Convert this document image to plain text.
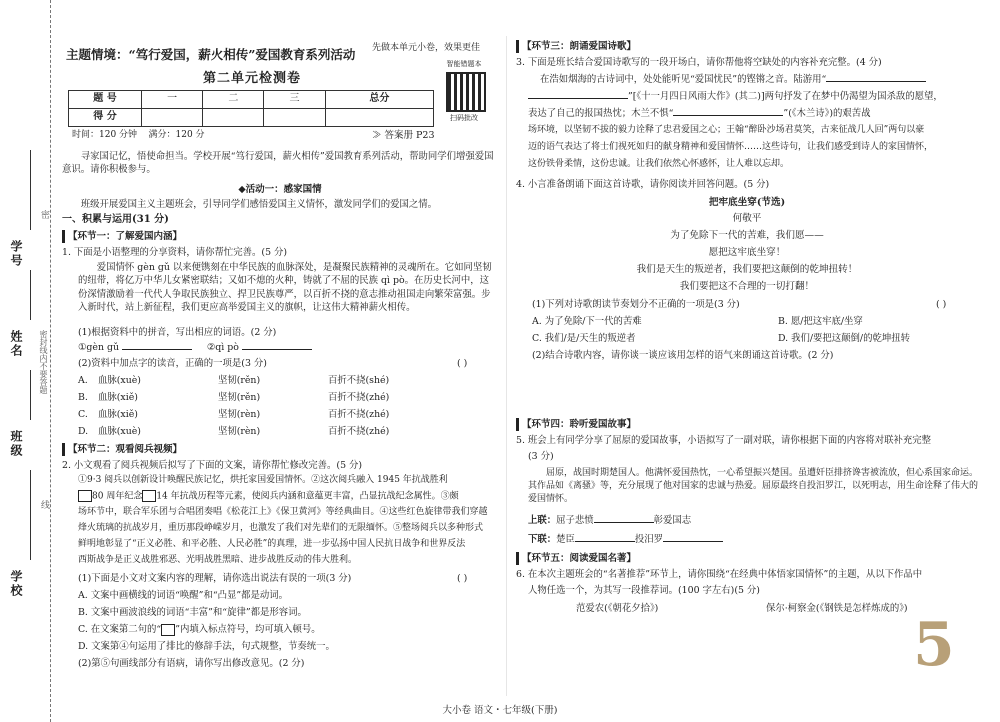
学号
姓名
班级
学校
密封线内不要答题
密
线
主题情境：“笃行爱国，薪火相传”爱国教育系列活动 先做本单元小卷，效果更佳
第二单元检测卷
智能错题本
扫码批改
题 号	一	二	三	总分
得 分				
时间：120 分钟 满分：120 分	≫ 答案册 P23
寻家国记忆，悟使命担当。学校开展“笃行爱国，薪火相传”爱国教育系列活动，帮助同学们增强爱国意识。请你积极参与。
◆活动一：感家国情
班级开展爱国主义主题班会，引导同学们感悟爱国主义情怀，激发同学们的爱国之情。
一、积累与运用(31 分)
【环节一：了解爱国内涵】
1. 下面是小语整理的分享资料，请你帮忙完善。(5 分)
爱国情怀 gèn gǔ 以来便镌刻在中华民族的血脉深处，是凝聚民族精神的灵魂所在。它如同坚韧的纽带，将亿万中华儿女紧密联结；又如不熄的火种，铸就了不屈的民族 qì pò。在历史长河中，这份深情激励着一代代人争取民族独立、捍卫民族尊严，以百折不挠的意志推动祖国走向繁荣富强。步入新时代，站上新征程，我们更应高举爱国主义的旗帜，让这伟大精神薪火相传。
(1)根据资料中的拼音，写出相应的词语。(2 分)
①gèn gǔ	②qì pò
(2)资料中加点字的读音，正确的一项是(3 分)	( )
A. 血脉(xuè)	坚韧(rěn)	百折不挠(shé)
B. 血脉(xiě)	坚韧(rěn)	百折不挠(zhé)
C. 血脉(xiě)	坚韧(rèn)	百折不挠(zhé)
D. 血脉(xuè)	坚韧(rèn)	百折不挠(zhé)
【环节二：观看阅兵视频】
2. 小文观看了阅兵视频后拟写了下面的文案，请你帮忙修改完善。(5 分)
①9·3 阅兵以创新设计唤醒民族记忆，烘托家国爱国情怀。②这次阅兵融入 1945 年抗战胜利
80 周年纪念 14 年抗战历程等元素，使阅兵内涵和意蕴更丰富，凸显抗战纪念属性。③颇
场环节中，联合军乐团与合唱团奏唱《松花江上》《保卫黄河》等经典曲目。④这些红色旋律带我们穿越
烽火琉璃的抗战岁月，重历那段峥嵘岁月，也激发了我们对先辈们的无限缅怀。⑤整场阅兵以多种形式
鲜明地彰显了“正义必胜、和平必胜、人民必胜”的真理，进一步弘扬中国人民抗日战争和世界反法
西斯战争是正义战胜邪恶、光明战胜黑暗、进步战胜反动的伟大胜利。
(1)下面是小文对文案内容的理解，请你选出说法有误的一项(3 分)	( )
A. 文案中画横线的词语“唤醒”和“凸显”都是动词。
B. 文案中画波浪线的词语“丰富”和“旋律”都是形容词。
C. 在文案第二句的“ ”内填入标点符号，均可填入顿号。
D. 文案第④句运用了排比的修辞手法，句式规整，节奏统一。
(2)第⑤句画线部分有语病，请你写出修改意见。(2 分)
【环节三：朗诵爱国诗歌】
3. 下面是班长结合爱国诗歌写的一段开场白，请你帮他将空缺处的内容补充完整。(4 分)
在浩如烟海的古诗词中，处处能听见“爱国忧民”的铿锵之音。陆游用“
”[《十一月四日风雨大作》(其二)]两句抒发了在梦中仍渴望为国杀敌的愿望，
表达了自己的报国热忱；木兰不惧“	”(《木兰诗》)的艰苦战
场环境，以坚韧不拔的毅力诠释了忠君爱国之心；王翰“醉卧沙场君莫笑，古来征战几人回”两句以豪
迈的语气表达了将士们视死如归的献身精神和爱国情怀……这些诗句，让我们感受到诗人的家国情怀，
这份铁骨柔情，这份忠诚。让我们依然心怀感怀，让人难以忘却。
4. 小言准备朗诵下面这首诗歌，请你阅读并回答问题。(5 分)
把牢底坐穿(节选)
何敬平
为了免除下一代的苦难，我们愿——
愿把这牢底坐穿！
我们是天生的叛逆者，我们要把这颠倒的乾坤扭转！
我们要把这不合理的一切打翻！
(1)下列对诗歌朗读节奏划分不正确的一项是(3 分)	( )
A. 为了免除/下一代的苦难	B. 愿/把这牢底/坐穿
C. 我们/是/天生的叛逆者	D. 我们/要把这颠倒/的乾坤扭转
(2)结合诗歌内容，请你谈一谈应该用怎样的语气来朗诵这首诗歌。(2 分)
【环节四：聆听爱国故事】
5. 班会上有同学分享了屈原的爱国故事，小语拟写了一副对联，请你根据下面的内容将对联补充完整
(3 分)
屈原，战国时期楚国人。他满怀爱国热忱，一心希望振兴楚国。虽遭奸臣排挤谗害被流放，但心系国家命运。其作品如《离骚》等，充分展现了他对国家的忠诚与热爱。屈原最终自投汨罗江，以死明志，用生命诠释了伟大的爱国情怀。
上联：屈子悲愤	彰爱国志
下联：楚臣	投汨罗
【环节五：阅读爱国名著】
6. 在本次主题班会的“名著推荐”环节上，请你围绕“在经典中体悟家国情怀”的主题，从以下作品中
人物任选一个，为其写一段推荐词。(100 字左右)(5 分)
范爱农(《朝花夕拾》)	保尔·柯察金(《钢铁是怎样炼成的》)
5
大小卷 语文・七年级(下册)
